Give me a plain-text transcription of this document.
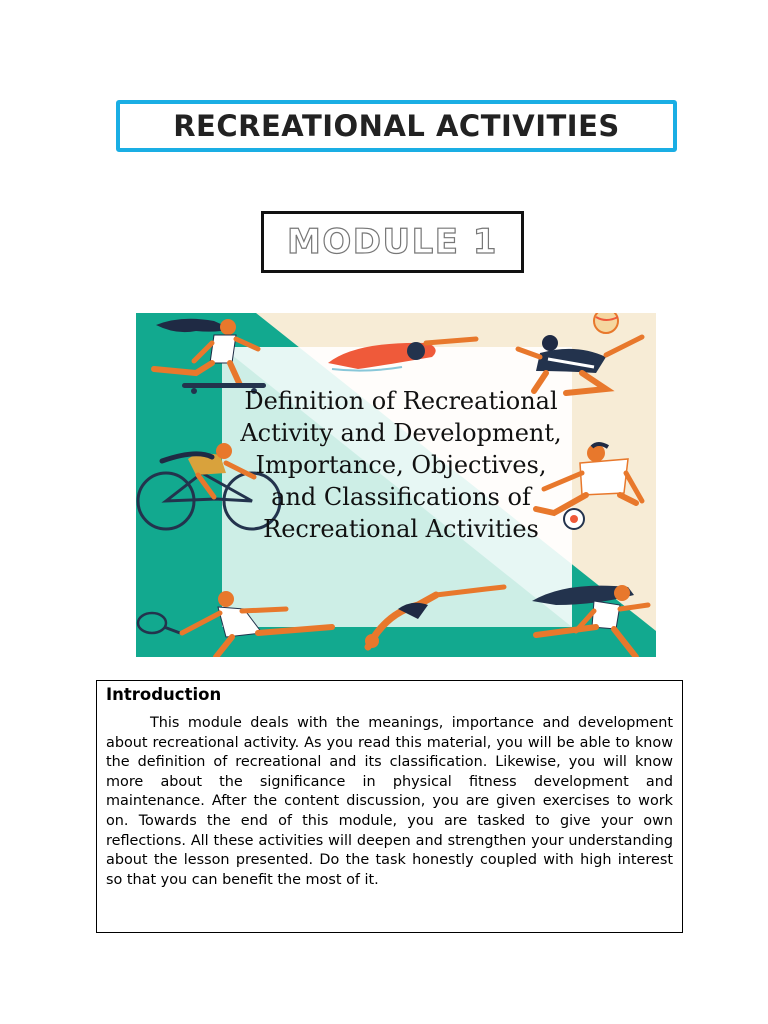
RECREATIONAL ACTIVITIES
MODULE 1
Definition of Recreational
Activity and Development,
Importance, Objectives,
and Classifications of
Recreational Activities
Introduction

This module deals with the meanings, importance and development about recreational activity. As you read this material, you will be able to know the definition of recreational and its classification. Likewise, you will know more about the significance in physical fitness development and maintenance. After the content discussion, you are given exercises to work on. Towards the end of this module, you are tasked to give your own reflections. All these activities will deepen and strengthen your understanding about the lesson presented. Do the task honestly coupled with high interest so that you can benefit the most of it.
